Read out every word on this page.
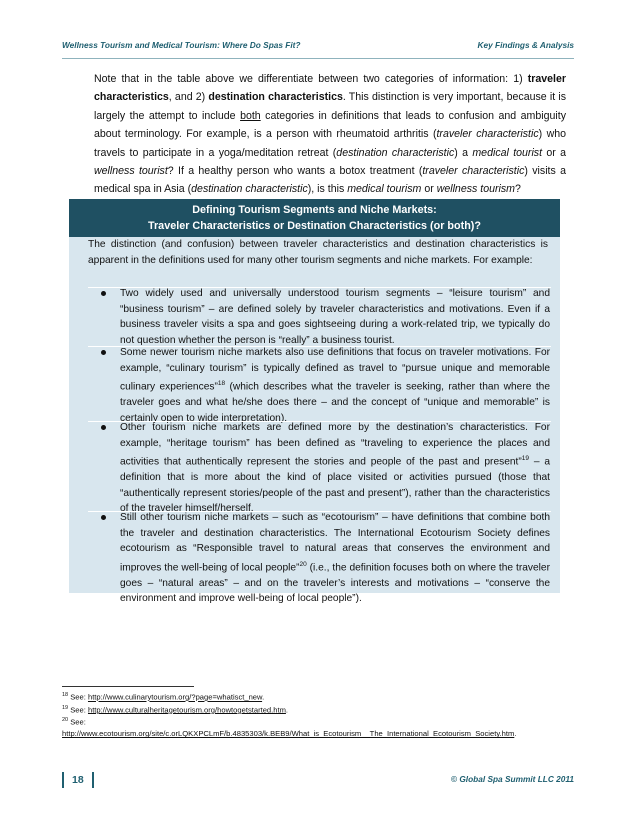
Wellness Tourism and Medical Tourism: Where Do Spas Fit?	Key Findings & Analysis

Note that in the table above we differentiate between two categories of information: 1) traveler characteristics, and 2) destination characteristics. This distinction is very important, because it is largely the attempt to include both categories in definitions that leads to confusion and ambiguity about terminology. For example, is a person with rheumatoid arthritis (traveler characteristic) who travels to participate in a yoga/meditation retreat (destination characteristic) a medical tourist or a wellness tourist? If a healthy person who wants a botox treatment (traveler characteristic) visits a medical spa in Asia (destination characteristic), is this medical tourism or wellness tourism?

Defining Tourism Segments and Niche Markets:
Traveler Characteristics or Destination Characteristics (or both)?

The distinction (and confusion) between traveler characteristics and destination characteristics is apparent in the definitions used for many other tourism segments and niche markets. For example:

Two widely used and universally understood tourism segments – “leisure tourism” and “business tourism” – are defined solely by traveler characteristics and motivations. Even if a business traveler visits a spa and goes sightseeing during a work-related trip, we typically do not question whether the person is “really” a business tourist.

Some newer tourism niche markets also use definitions that focus on traveler motivations. For example, “culinary tourism” is typically defined as travel to “pursue unique and memorable culinary experiences”$^{18}$ (which describes what the traveler is seeking, rather than where the traveler goes and what he/she does there – and the concept of “unique and memorable” is certainly open to wide interpretation).

Other tourism niche markets are defined more by the destination’s characteristics. For example, “heritage tourism” has been defined as “traveling to experience the places and activities that authentically represent the stories and people of the past and present”$^{19}$ – a definition that is more about the kind of place visited or activities pursued (those that “authentically represent stories/people of the past and present”), rather than the characteristics of the traveler himself/herself.

Still other tourism niche markets – such as “ecotourism” – have definitions that combine both the traveler and destination characteristics. The International Ecotourism Society defines ecotourism as “Responsible travel to natural areas that conserves the environment and improves the well-being of local people”$^{20}$ (i.e., the definition focuses both on where the traveler goes – “natural areas” – and on the traveler’s interests and motivations – “conserve the environment and improve well-being of local people”).

$^{18}$ See: http://www.culinarytourism.org/?page=whatisct_new.
$^{19}$ See: http://www.culturalheritagetourism.org/howtogetstarted.htm.
$^{20}$ See:
http://www.ecotourism.org/site/c.orLQKXPCLmF/b.4835303/k.BEB9/What_is_Ecotourism__The_International_Ecotourism_Society.htm.
18	© Global Spa Summit LLC 2011
